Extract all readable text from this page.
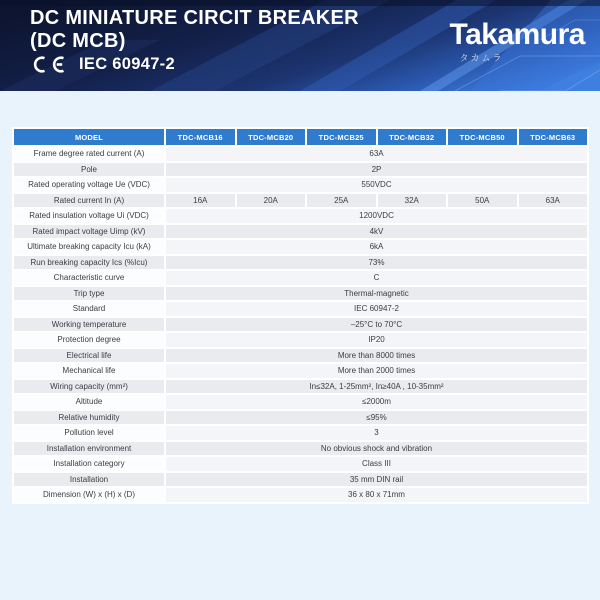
DC MINIATURE CIRCIT BREAKER
(DC MCB)
IEC 60947-2

Takamura

タカムラ

MODEL	TDC-MCB16	TDC-MCB20	TDC-MCB25	TDC-MCB32	TDC-MCB50	TDC-MCB63
Frame degree rated current (A)	63A					
Pole	2P					
Rated operating voltage Ue (VDC)	550VDC					
Rated current In (A)	16A	20A	25A	32A	50A	63A
Rated insulation voltage Ui (VDC)	1200VDC					
Rated impact voltage Uimp (kV)	4kV					
Ultimate breaking capacity Icu (kA)	6kA					
Run breaking capacity Ics (%Icu)	73%					
Characteristic curve	C					
Trip type	Thermal-magnetic					
Standard	IEC 60947-2					
Working temperature	–25°C to 70°C					
Protection degree	IP20					
Electrical life	More than 8000 times					
Mechanical life	More than 2000 times					
Wiring capacity (mm²)	In≤32A, 1-25mm², In≥40A , 10-35mm²					
Altitude	≤2000m					
Relative humidity	≤95%					
Pollution level	3					
Installation environment	No obvious shock and vibration					
Installation category	Class III					
Installation	35 mm DIN rail					
Dimension (W) x (H) x (D)	36 x 80 x 71mm					
